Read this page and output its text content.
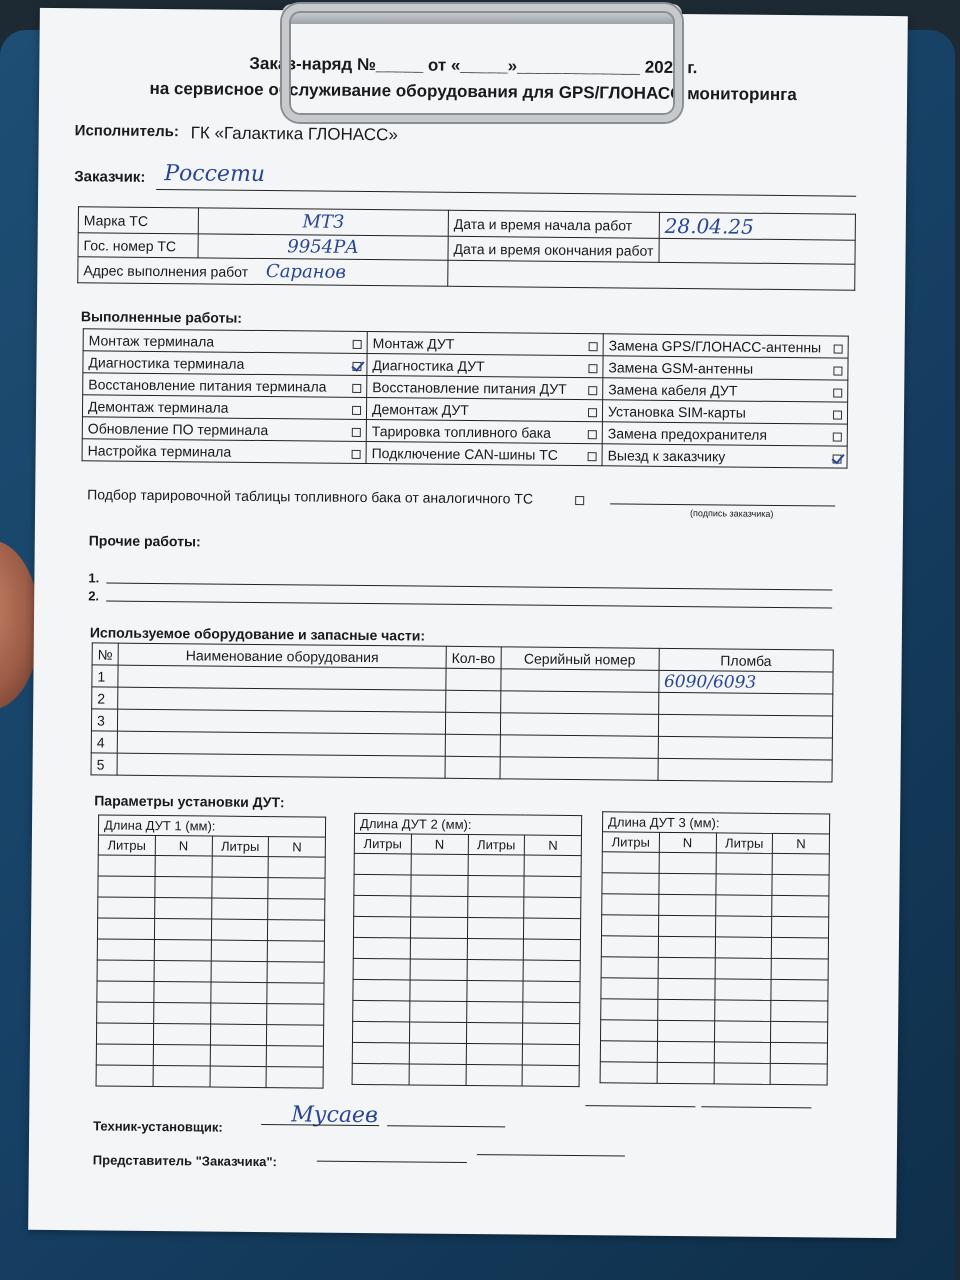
Заказ-наряд №_____ от «_____»_____________ 2025 г.
на сервисное обслуживание оборудования для GPS/ГЛОНАСС мониторинга
Исполнитель: ГК «Галактика ГЛОНАСС»
Заказчик: Россети
Марка ТС	МТЗ	Дата и время начала работ	28.04.25
Гос. номер ТС	9954РА	Дата и время окончания работ	
Адрес выполнения работ Саранов			
Выполненные работы:
Монтаж терминала	Монтаж ДУТ	Замена GPS/ГЛОНАСС-антенны

Диагностика терминала	Диагностика ДУТ	Замена GSM-антенны

Восстановление питания терминала	Восстановление питания ДУТ	Замена кабеля ДУТ

Демонтаж терминала	Демонтаж ДУТ	Установка SIM-карты

Обновление ПО терминала	Тарировка топливного бака	Замена предохранителя

Настройка терминала	Подключение CAN-шины ТС	Выезд к заказчику
Подбор тарировочной таблицы топливного бака от аналогичного ТС
(подпись заказчика)
Прочие работы:
1.
2.
Используемое оборудование и запасные части:
№	Наименование оборудования	Кол-во	Серийный номер	Пломба
1				6090/6093
2				
3				
4				
5				
Параметры установки ДУТ:
Длина ДУТ 1 (мм):			
Литры	N	Литры	N

Длина ДУТ 2 (мм):			
Литры	N	Литры	N

Длина ДУТ 3 (мм):			
Литры	N	Литры	N

Техник-установщик:	Мусаев
Представитель "Заказчика":
